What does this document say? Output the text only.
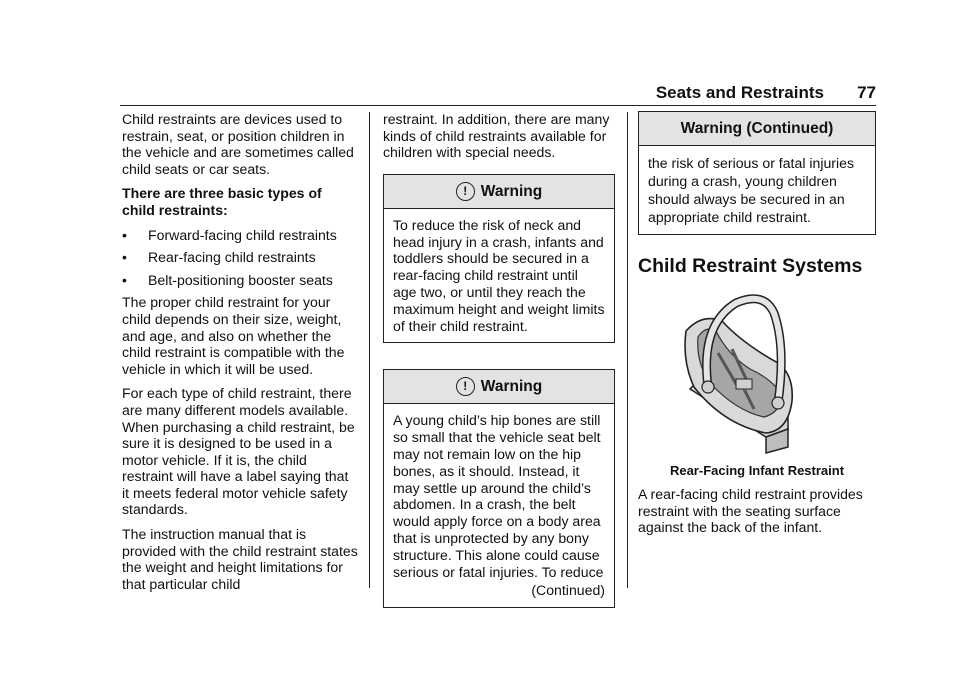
Seats and Restraints 77

Child restraints are devices used to restrain, seat, or position children in the vehicle and are sometimes called child seats or car seats.

There are three basic types of child restraints:

•	Forward-facing child restraints
•	Rear-facing child restraints
•	Belt-positioning booster seats

The proper child restraint for your child depends on their size, weight, and age, and also on whether the child restraint is compatible with the vehicle in which it will be used.

For each type of child restraint, there are many different models available. When purchasing a child restraint, be sure it is designed to be used in a motor vehicle. If it is, the child restraint will have a label saying that it meets federal motor vehicle safety standards.

The instruction manual that is provided with the child restraint states the weight and height limitations for that particular child

restraint. In addition, there are many kinds of child restraints available for children with special needs.

! Warning
To reduce the risk of neck and head injury in a crash, infants and toddlers should be secured in a rear-facing child restraint until age two, or until they reach the maximum height and weight limits of their child restraint.
! Warning
A young child’s hip bones are still so small that the vehicle seat belt may not remain low on the hip bones, as it should. Instead, it may settle up around the child’s abdomen. In a crash, the belt would apply force on a body area that is unprotected by any bony structure. This alone could cause serious or fatal injuries. To reduce
(Continued)
Warning (Continued)
the risk of serious or fatal injuries during a crash, young children should always be secured in an appropriate child restraint.
Child Restraint Systems
Rear-Facing Infant Restraint

A rear-facing child restraint provides restraint with the seating surface against the back of the infant.
